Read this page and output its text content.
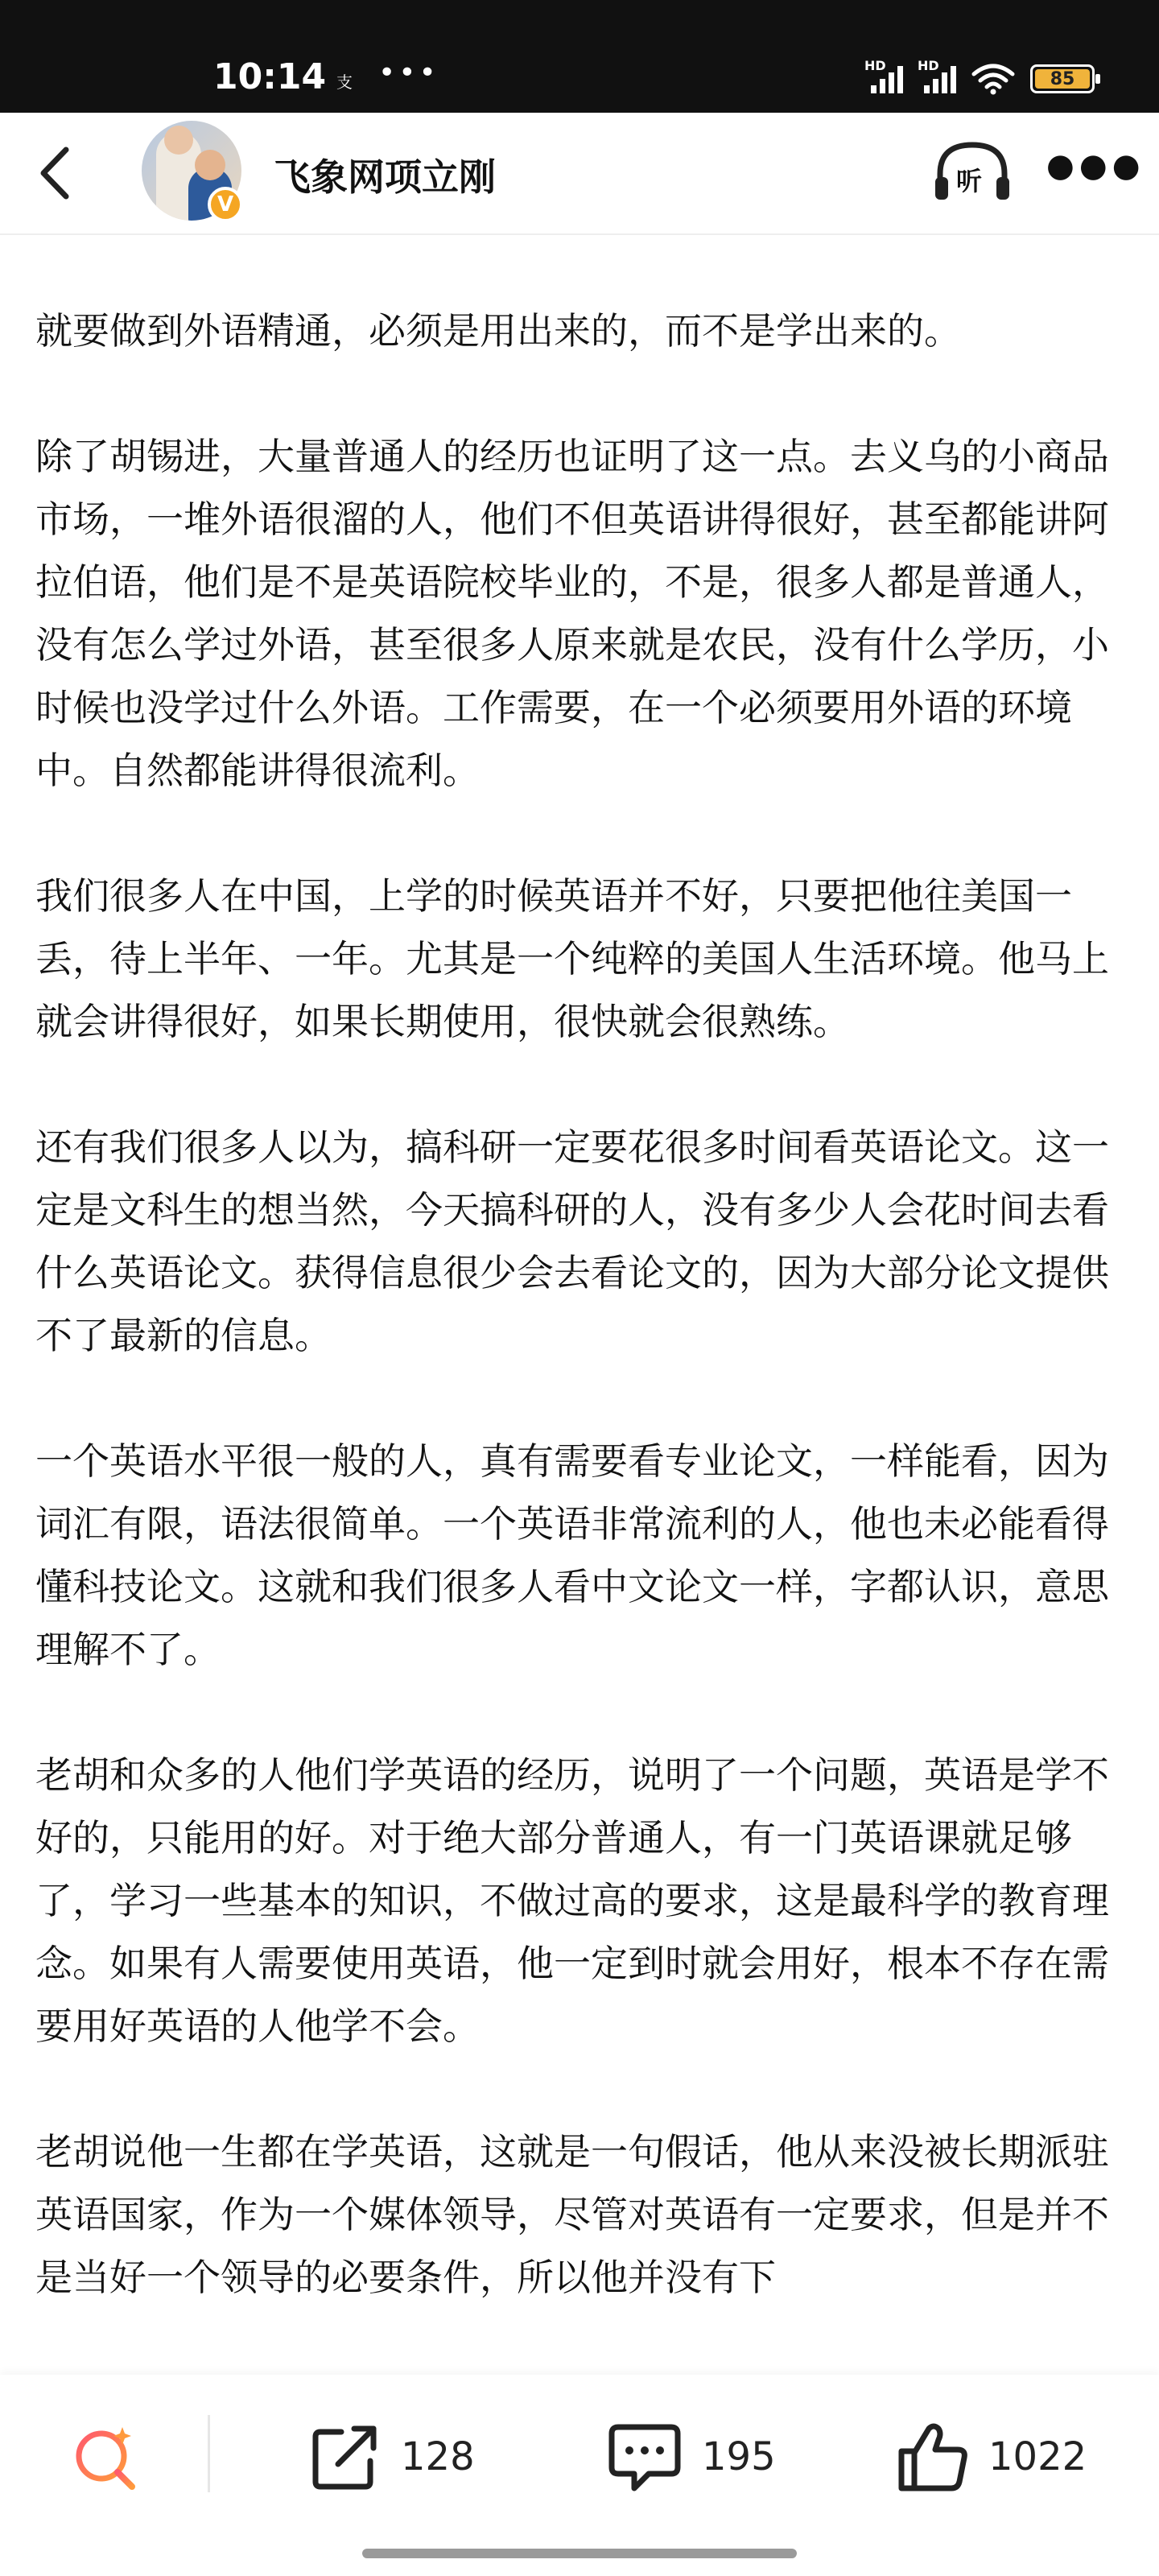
10:14 支 •••	HD HD
85
V
飞象网项立刚	听 ●●●

就要做到外语精通，必须是用出来的，而不是学出来的。

除了胡锡进，大量普通人的经历也证明了这一点。去义乌的小商品市场，一堆外语很溜的人，他们不但英语讲得很好，甚至都能讲阿拉伯语，他们是不是英语院校毕业的，不是，很多人都是普通人，没有怎么学过外语，甚至很多人原来就是农民，没有什么学历，小时候也没学过什么外语。工作需要，在一个必须要用外语的环境中。自然都能讲得很流利。

我们很多人在中国，上学的时候英语并不好，只要把他往美国一丢，待上半年、一年。尤其是一个纯粹的美国人生活环境。他马上就会讲得很好，如果长期使用，很快就会很熟练。

还有我们很多人以为，搞科研一定要花很多时间看英语论文。这一定是文科生的想当然，今天搞科研的人，没有多少人会花时间去看什么英语论文。获得信息很少会去看论文的，因为大部分论文提供不了最新的信息。

一个英语水平很一般的人，真有需要看专业论文，一样能看，因为词汇有限，语法很简单。一个英语非常流利的人，他也未必能看得懂科技论文。这就和我们很多人看中文论文一样，字都认识，意思理解不了。

老胡和众多的人他们学英语的经历，说明了一个问题，英语是学不好的，只能用的好。对于绝大部分普通人，有一门英语课就足够了，学习一些基本的知识，不做过高的要求，这是最科学的教育理念。如果有人需要使用英语，他一定到时就会用好，根本不存在需要用好英语的人他学不会。

老胡说他一生都在学英语，这就是一句假话，他从来没被长期派驻英语国家，作为一个媒体领导，尽管对英语有一定要求，但是并不是当好一个领导的必要条件，所以他并没有下

128	195	1022
